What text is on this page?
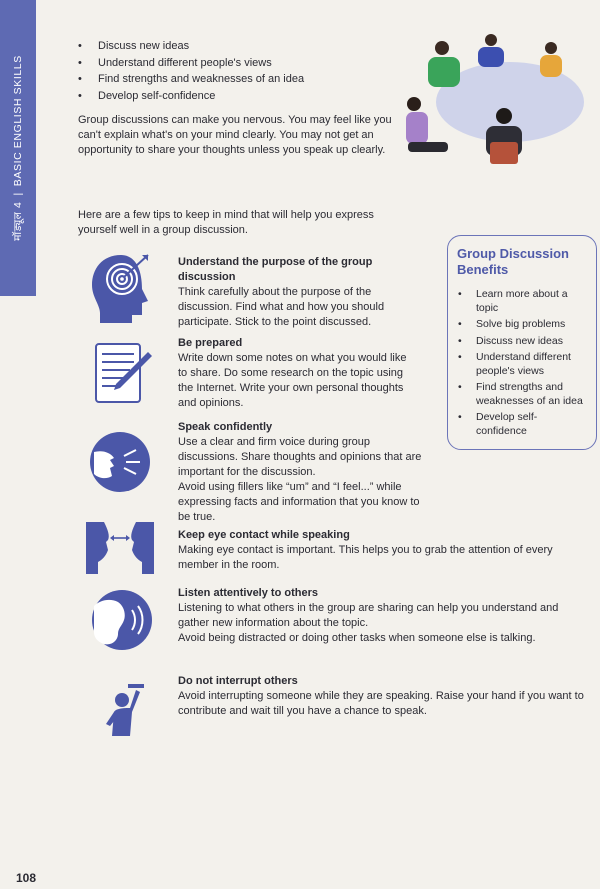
मॉड्यूल 4|BASIC ENGLISH SKILLS
• Discuss new ideas
• Understand different people's views
• Find strengths and weaknesses of an idea
• Develop self-confidence

Group discussions can make you nervous. You may feel like you can't explain what's on your mind clearly. You may not get an opportunity to share your thoughts unless you speak up clearly.

Here are a few tips to keep in mind that will help you express yourself well in a group discussion.

Understand the purpose of the group discussion

Think carefully about the purpose of the discussion. Find what and how you should participate. Stick to the point discussed.

Be prepared

Write down some notes on what you would like to share. Do some research on the topic using the Internet. Write your own personal thoughts and opinions.

Speak confidently

Use a clear and firm voice during group discussions. Share thoughts and opinions that are important for the discussion.

Avoid using fillers like “um” and “I feel...” while expressing facts and information that you know to be true.

Keep eye contact while speaking

Making eye contact is important. This helps you to grab the attention of every member in the room.

Listen attentively to others

Listening to what others in the group are sharing can help you understand and gather new information about the topic.

Avoid being distracted or doing other tasks when someone else is talking.

Do not interrupt others

Avoid interrupting someone while they are speaking. Raise your hand if you want to contribute and wait till you have a chance to speak.

Group Discussion Benefits
• Learn more about a topic
• Solve big problems
• Discuss new ideas
• Understand different people's views
• Find strengths and weaknesses of an idea
• Develop self-confidence
108
